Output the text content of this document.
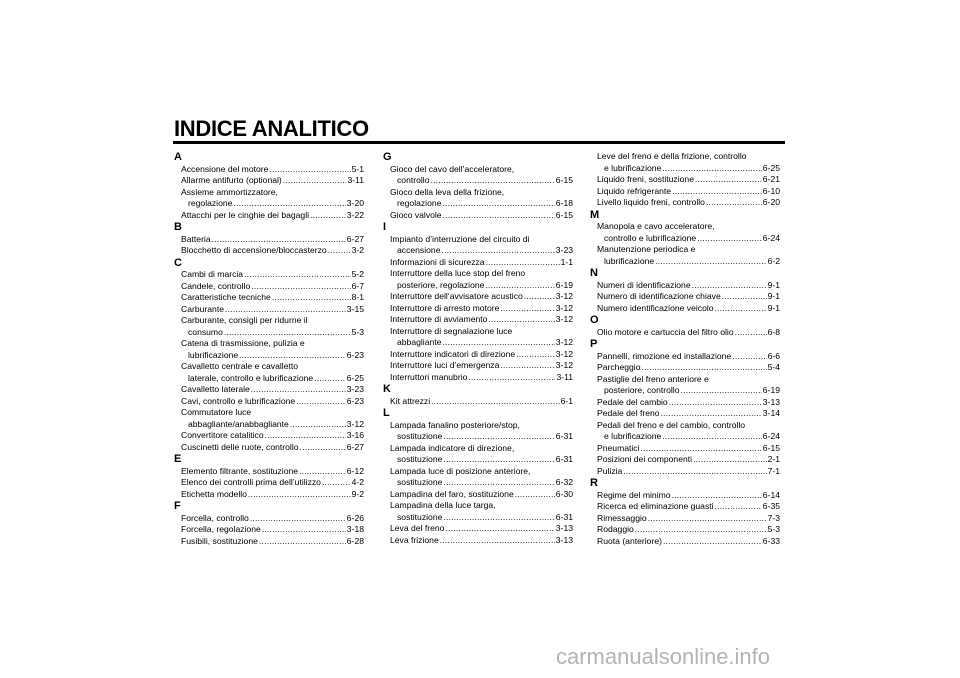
INDICE ANALITICO
A
Accensione del motore .....	5-1
Allarme antifurto (optional) .....	3-11
Assieme ammortizzatore,
regolazione .....	3-20
Attacchi per le cinghie dei bagagli .....	3-22
B
Batteria .....	6-27
Blocchetto di accensione/bloccasterzo .....	3-2
C
Cambi di marcia .....	5-2
Candele, controllo .....	6-7
Caratteristiche tecniche .....	8-1
Carburante .....	3-15
Carburante, consigli per ridurne il
consumo .....	5-3
Catena di trasmissione, pulizia e
lubrificazione .....	6-23
Cavalletto centrale e cavalletto
laterale, controllo e lubrificazione .....	6-25
Cavalletto laterale .....	3-23
Cavi, controllo e lubrificazione .....	6-23
Commutatore luce
abbagliante/anabbagliante .....	3-12
Convertitore catalitico .....	3-16
Cuscinetti delle ruote, controllo .....	6-27
E
Elemento filtrante, sostituzione .....	6-12
Elenco dei controlli prima dell’utilizzo .....	4-2
Etichetta modello .....	9-2
F
Forcella, controllo .....	6-26
Forcella, regolazione .....	3-18
Fusibili, sostituzione .....	6-28
G
Gioco del cavo dell’acceleratore,
controllo .....	6-15
Gioco della leva della frizione,
regolazione .....	6-18
Gioco valvole .....	6-15
I
Impianto d’interruzione del circuito di
accensione .....	3-23
Informazioni di sicurezza .....	1-1
Interruttore della luce stop del freno
posteriore, regolazione .....	6-19
Interruttore dell’avvisatore acustico .....	3-12
Interruttore di arresto motore .....	3-12
Interruttore di avviamento .....	3-12
Interruttore di segnalazione luce
abbagliante .....	3-12
Interruttore indicatori di direzione .....	3-12
Interruttore luci d’emergenza .....	3-12
Interruttori manubrio .....	3-11
K
Kit attrezzi .....	6-1
L
Lampada fanalino posteriore/stop,
sostituzione .....	6-31
Lampada indicatore di direzione,
sostituzione .....	6-31
Lampada luce di posizione anteriore,
sostituzione .....	6-32
Lampadina del faro, sostituzione .....	6-30
Lampadina della luce targa,
sostituzione .....	6-31
Leva del freno .....	3-13
Leva frizione .....	3-13
Leve del freno e della frizione, controllo
e lubrificazione .....	6-25
Liquido freni, sostituzione .....	6-21
Liquido refrigerante .....	6-10
Livello liquido freni, controllo .....	6-20
M
Manopola e cavo acceleratore,
controllo e lubrificazione .....	6-24
Manutenzione periodica e
lubrificazione .....	6-2
N
Numeri di identificazione .....	9-1
Numero di identificazione chiave .....	9-1
Numero identificazione veicolo .....	9-1
O
Olio motore e cartuccia del filtro olio .....	6-8
P
Pannelli, rimozione ed installazione .....	6-6
Parcheggio .....	5-4
Pastiglie del freno anteriore e
posteriore, controllo .....	6-19
Pedale del cambio .....	3-13
Pedale del freno .....	3-14
Pedali del freno e del cambio, controllo
e lubrificazione .....	6-24
Pneumatici .....	6-15
Posizioni dei componenti .....	2-1
Pulizia .....	7-1
R
Regime del minimo .....	6-14
Ricerca ed eliminazione guasti .....	6-35
Rimessaggio .....	7-3
Rodaggio .....	5-3
Ruota (anteriore) .....	6-33
carmanualsonline.info
